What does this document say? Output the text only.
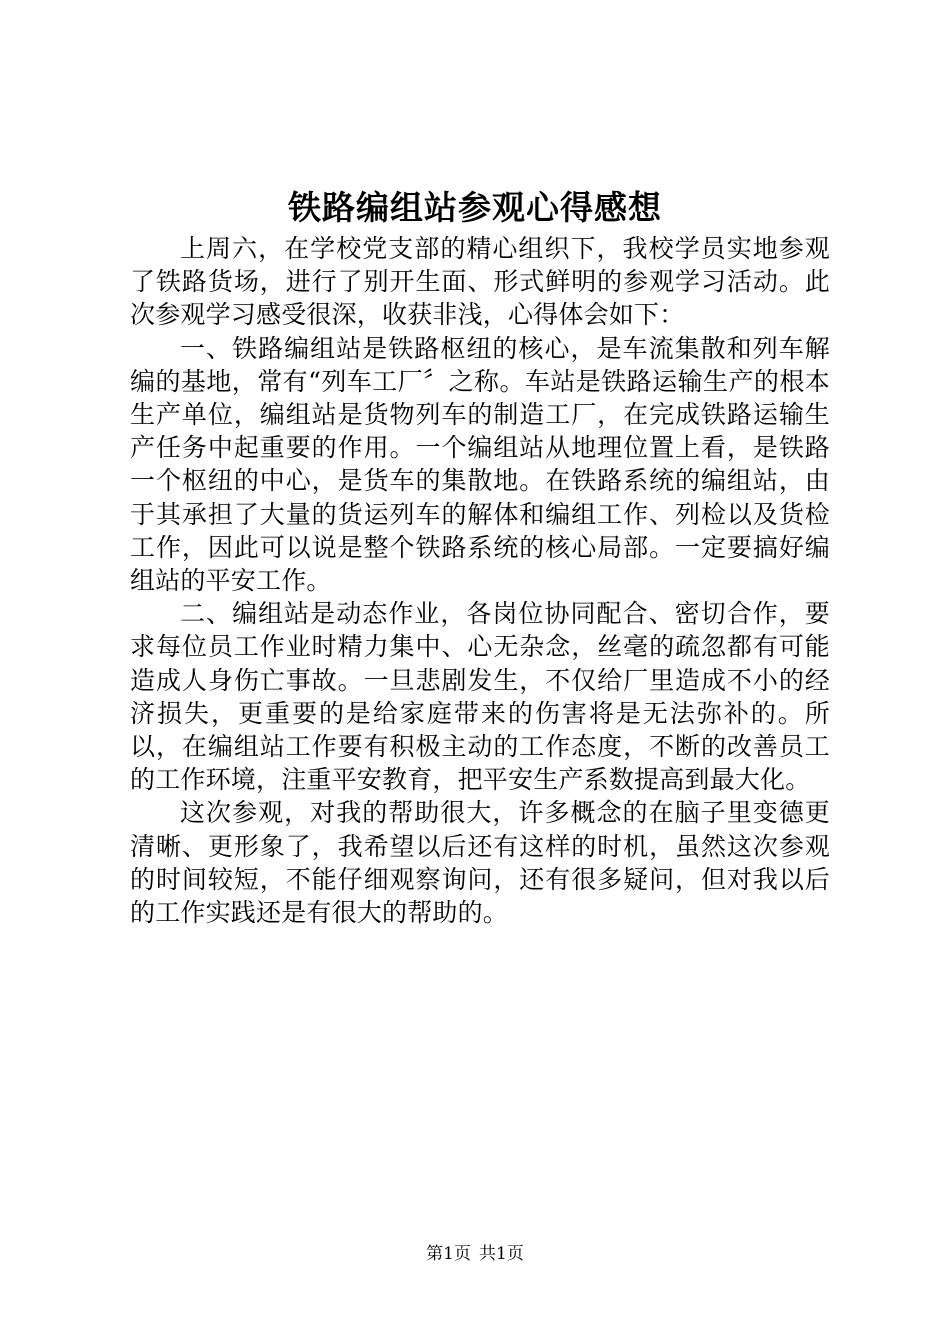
铁路编组站参观心得感想

上周六，在学校党支部的精心组织下，我校学员实地参观了铁路货场，进行了别开生面、形式鲜明的参观学习活动。此次参观学习感受很深，收获非浅，心得体会如下：

一、铁路编组站是铁路枢纽的核心，是车流集散和列车解编的基地，常有“列车工厂〞之称。车站是铁路运输生产的根本生产单位，编组站是货物列车的制造工厂，在完成铁路运输生产任务中起重要的作用。一个编组站从地理位置上看，是铁路一个枢纽的中心，是货车的集散地。在铁路系统的编组站，由于其承担了大量的货运列车的解体和编组工作、列检以及货检工作，因此可以说是整个铁路系统的核心局部。一定要搞好编组站的平安工作。

二、编组站是动态作业，各岗位协同配合、密切合作，要求每位员工作业时精力集中、心无杂念，丝毫的疏忽都有可能造成人身伤亡事故。一旦悲剧发生，不仅给厂里造成不小的经济损失，更重要的是给家庭带来的伤害将是无法弥补的。所以，在编组站工作要有积极主动的工作态度，不断的改善员工的工作环境，注重平安教育，把平安生产系数提高到最大化。

这次参观，对我的帮助很大，许多概念的在脑子里变德更清晰、更形象了，我希望以后还有这样的时机，虽然这次参观的时间较短，不能仔细观察询问，还有很多疑问，但对我以后的工作实践还是有很大的帮助的。

第1页 共1页
